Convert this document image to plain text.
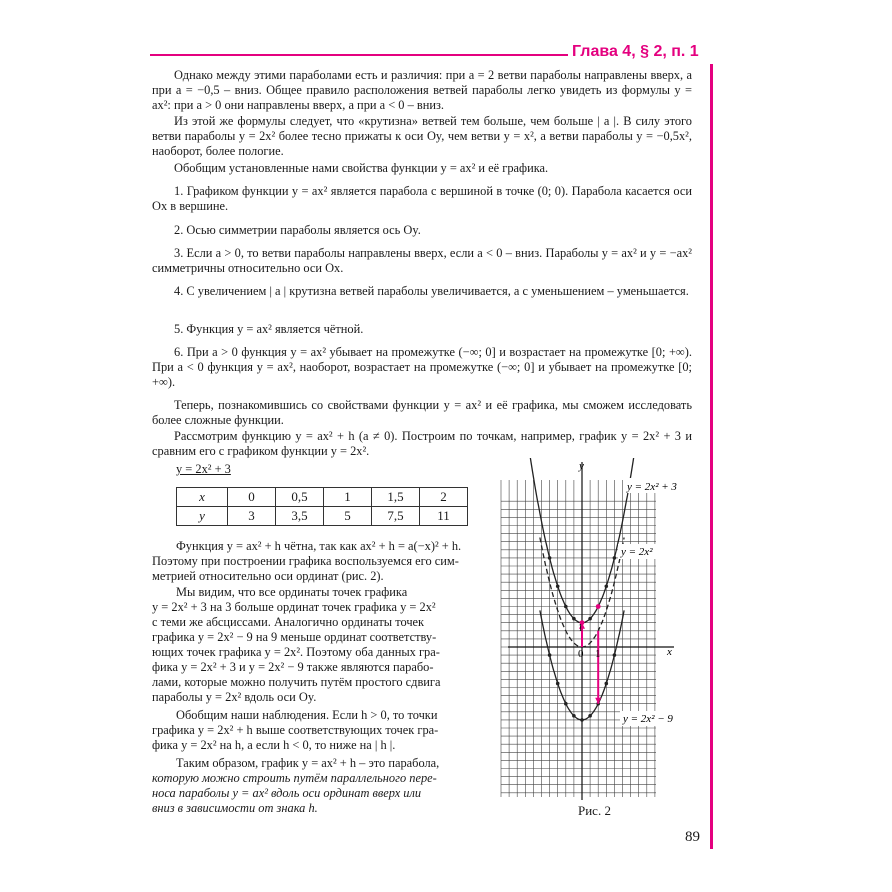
Глава 4, § 2, п. 1
89
Однако между этими параболами есть и различия: при a = 2 ветви параболы направлены вверх, а при a = −0,5 – вниз. Общее правило расположения ветвей параболы легко увидеть из формулы y = ax²: при a > 0 они направлены вверх, а при a < 0 – вниз.
Из этой же формулы следует, что «крутизна» ветвей тем больше, чем больше | a |. В силу этого ветви параболы y = 2x² более тесно прижаты к оси Oy, чем ветви y = x², а ветви параболы y = −0,5x², наоборот, более пологие.
Обобщим установленные нами свойства функции y = ax² и её графика.
1. Графиком функции y = ax² является парабола с вершиной в точке (0; 0). Парабола касается оси Ox в вершине.
2. Осью симметрии параболы является ось Oy.
3. Если a > 0, то ветви параболы направлены вверх, если a < 0 – вниз. Параболы y = ax² и y = −ax² симметричны относительно оси Ox.
4. С увеличением | a | крутизна ветвей параболы увеличивается, а с уменьшением – уменьшается.
5. Функция y = ax² является чётной.
6. При a > 0 функция y = ax² убывает на промежутке (−∞; 0] и возрастает на промежутке [0; +∞). При a < 0 функция y = ax², наоборот, возрастает на промежутке (−∞; 0] и убывает на промежутке [0; +∞).
Теперь, познакомившись со свойствами функции y = ax² и её графика, мы сможем исследовать более сложные функции.
Рассмотрим функцию y = ax² + h (a ≠ 0). Построим по точкам, например, график y = 2x² + 3 и сравним его с графиком функции y = 2x².
y = 2x² + 3
x	0	0,5	1	1,5	2
y	3	3,5	5	7,5	11
Функция y = ax² + h чётна, так как ax² + h = a(−x)² + h.
Поэтому при построении графика воспользуемся его сим-
метрией относительно оси ординат (рис. 2).
Мы видим, что все ординаты точек графика
y = 2x² + 3 на 3 больше ординат точек графика y = 2x²
с теми же абсциссами. Аналогично ординаты точек
графика y = 2x² − 9 на 9 меньше ординат соответству-
ющих точек графика y = 2x². Поэтому оба данных гра-
фика y = 2x² + 3 и y = 2x² − 9 также являются парабо-
лами, которые можно получить путём простого сдвига
параболы y = 2x² вдоль оси Oy.
Обобщим наши наблюдения. Если h > 0, то точки
графика y = 2x² + h выше соответствующих точек гра-
фика y = 2x² на h, а если h < 0, то ниже на | h |.
Таким образом, график y = ax² + h – это парабола,
которую можно строить путём параллельного пере-
носа параболы y = ax² вдоль оси ординат вверх или
вниз в зависимости от знака h.
y
x
0 1
1
y = 2x² + 3
y = 2x²
y = 2x² − 9
Рис. 2
